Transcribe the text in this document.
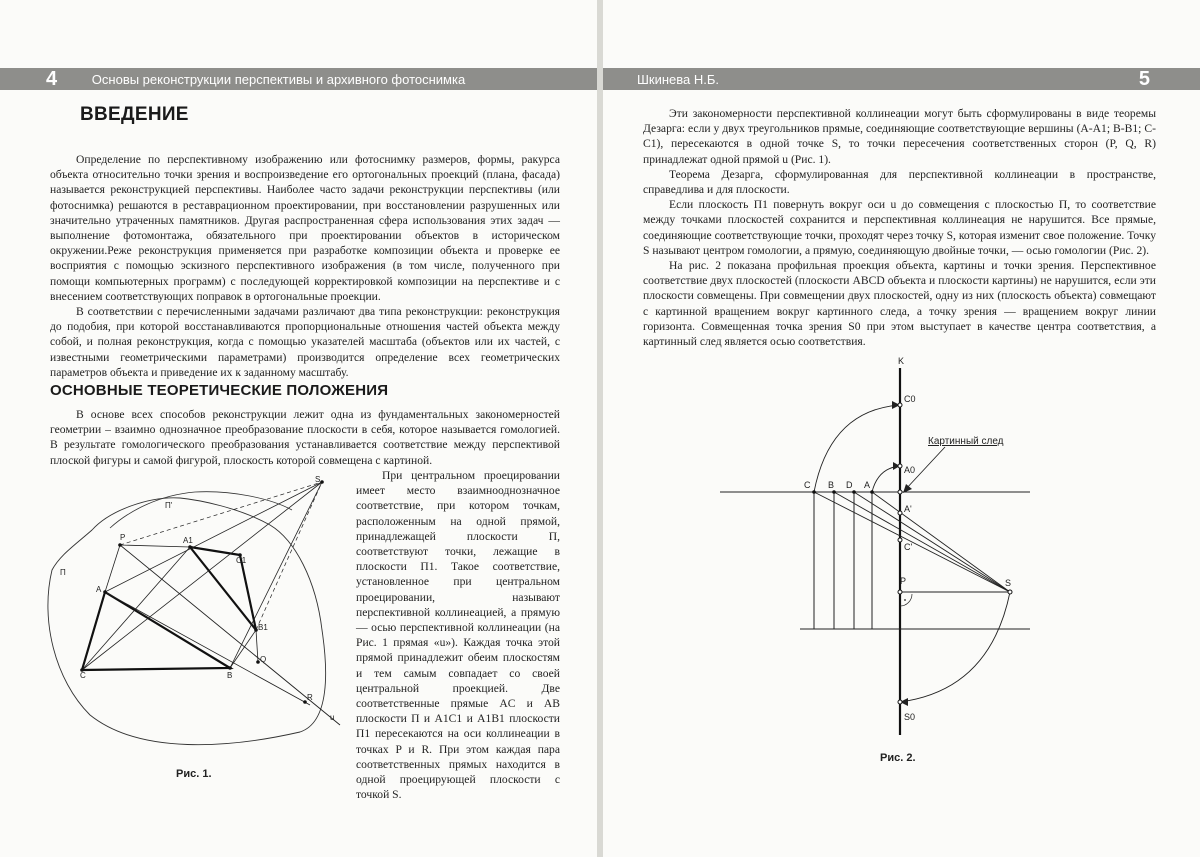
4	Основы реконструкции перспективы и архивного фотоснимка	Шкинева Н.Б.	5
ВВЕДЕНИЕ

Определение по перспективному изображению или фотоснимку размеров, формы, ракурса объекта относительно точки зрения и воспроизведение его ортогональных проекций (плана, фасада) называется реконструкцией перспективы. Наиболее часто задачи реконструкции перспективы (или фотоснимка) решаются в реставрационном проектировании, при восстановлении разрушенных или значительно утраченных памятников. Другая распространенная сфера использования этих задач — выполнение фотомонтажа, обязательного при проектировании объектов в историческом окружении.Реже реконструкция применяется при разработке композиции объекта и проверке ее восприятия с помощью эскизного перспективного изображения (в том числе, полученного при помощи компьютерных программ) с последующей корректировкой композиции на перспективе и с внесением соответствующих поправок в ортогональные проекции.

В соответствии с перечисленными задачами различают два типа реконструкции: реконструкция до подобия, при которой восстанавливаются пропорциональные отношения частей объекта между собой, и полная реконструкция, когда с помощью указателей масштаба (объектов или их частей, с известными геометрическими параметрами) производится определение всех геометрических параметров объекта и приведение их к заданному масштабу.

ОСНОВНЫЕ ТЕОРЕТИЧЕСКИЕ ПОЛОЖЕНИЯ

В основе всех способов реконструкции лежит одна из фундаментальных закономерностей геометрии – взаимно однозначное преобразование плоскости в себя, которое называется гомологией. В результате гомологического преобразования устанавливается соответствие между перспективой плоской фигуры и самой фигурой, плоскость которой совмещена с картиной.

При центральном проецировании имеет место взаимнооднозначное соответствие, при котором точкам, расположенным на одной прямой, принадлежащей плоскости П, соответствуют точки, лежащие в плоскости П1. Такое соответствие, установленное при центральном проецировании, называют перспективной коллинеацией, а прямую — осью перспективной коллинеации (на Рис. 1 прямая «u»). Каждая точка этой прямой принадлежит обеим плоскостям и тем самым совпадает со своей центральной проекцией. Две соответственные прямые AC и AB плоскости П и A1C1 и A1B1 плоскости П1 пересекаются на оси коллинеации в точках P и R. При этом каждая пара соответственных прямых находится в одной проецирующей плоскости с точкой S.

S
П'
П
P	A1
C1
A
B1
Q
C	B
R
u
Рис. 1.

Эти закономерности перспективной коллинеации могут быть сформулированы в виде теоремы Дезарга: если у двух треугольников прямые, соединяющие соответствующие вершины (A-A1; B-B1; C-C1), пересекаются в одной точке S, то точки пересечения соответственных сторон (P, Q, R) принадлежат одной прямой u (Рис. 1).

Теорема Дезарга, сформулированная для перспективной коллинеации в пространстве, справедлива и для плоскости.

Если плоскость П1 повернуть вокруг оси u до совмещения с плоскостью П, то соответствие между точками плоскостей сохранится и перспективная коллинеация не нарушится. Все прямые, соединяющие соответствующие точки, проходят через точку S, которая изменит свое положение. Точку S называют центром гомологии, а прямую, соединяющую двойные точки, — осью гомологии (Рис. 2).

На рис. 2 показана профильная проекция объекта, картины и точки зрения. Перспективное соответствие двух плоскостей (плоскости ABCD объекта и плоскости картины) не нарушится, если эти плоскости совмещены. При совмещении двух плоскостей, одну из них (плоскость объекта) совмещают с картинной вращением вокруг картинного следа, а точку зрения — вращением вокруг линии горизонта. Совмещенная точка зрения S0 при этом выступает в качестве центра соответствия, а картинный след является осью соответствия.

K
C0
Картинный след
A0
C B D A
A'
C'
P	S
S0
Рис. 2.
